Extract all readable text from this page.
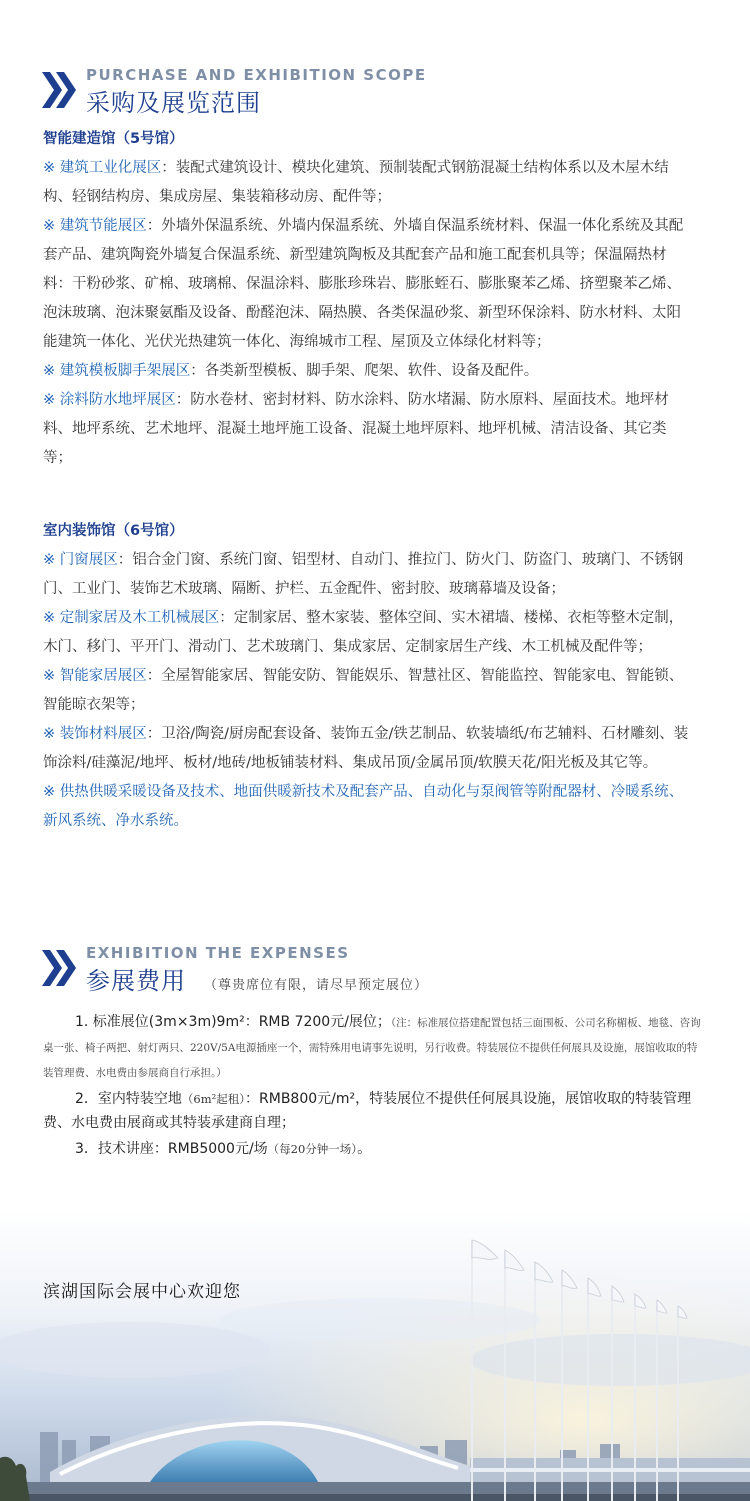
PURCHASE AND EXHIBITION SCOPE
采购及展览范围

智能建造馆（5号馆）

※ 建筑工业化展区：装配式建筑设计、模块化建筑、预制装配式钢筋混凝土结构体系以及木屋木结构、轻钢结构房、集成房屋、集装箱移动房、配件等；

※ 建筑节能展区：外墙外保温系统、外墙内保温系统、外墙自保温系统材料、保温一体化系统及其配套产品、建筑陶瓷外墙复合保温系统、新型建筑陶板及其配套产品和施工配套机具等；保温隔热材料：干粉砂浆、矿棉、玻璃棉、保温涂料、膨胀珍珠岩、膨胀蛭石、膨胀聚苯乙烯、挤塑聚苯乙烯、泡沫玻璃、泡沫聚氨酯及设备、酚醛泡沫、隔热膜、各类保温砂浆、新型环保涂料、防水材料、太阳能建筑一体化、光伏光热建筑一体化、海绵城市工程、屋顶及立体绿化材料等；

※ 建筑模板脚手架展区：各类新型模板、脚手架、爬架、软件、设备及配件。

※ 涂料防水地坪展区：防水卷材、密封材料、防水涂料、防水堵漏、防水原料、屋面技术。地坪材料、地坪系统、艺术地坪、混凝土地坪施工设备、混凝土地坪原料、地坪机械、清洁设备、其它类等；

室内装饰馆（6号馆）

※ 门窗展区：铝合金门窗、系统门窗、铝型材、自动门、推拉门、防火门、防盗门、玻璃门、不锈钢门、工业门、装饰艺术玻璃、隔断、护栏、五金配件、密封胶、玻璃幕墙及设备；

※ 定制家居及木工机械展区：定制家居、整木家装、整体空间、实木裙墙、楼梯、衣柜等整木定制，木门、移门、平开门、滑动门、艺术玻璃门、集成家居、定制家居生产线、木工机械及配件等；

※ 智能家居展区：全屋智能家居、智能安防、智能娱乐、智慧社区、智能监控、智能家电、智能锁、智能晾衣架等；

※ 装饰材料展区：卫浴/陶瓷/厨房配套设备、装饰五金/铁艺制品、软装墙纸/布艺辅料、石材雕刻、装饰涂料/硅藻泥/地坪、板材/地砖/地板铺装材料、集成吊顶/金属吊顶/软膜天花/阳光板及其它等。

※ 供热供暖采暖设备及技术、地面供暖新技术及配套产品、自动化与泵阀管等附配器材、冷暖系统、新风系统、净水系统。

EXHIBITION THE EXPENSES
参展费用 （尊贵席位有限，请尽早预定展位）

1. 标准展位(3m×3m)9m²：RMB 7200元/展位；（注：标准展位搭建配置包括三面围板、公司名称楣板、地毯、咨询桌一张、椅子两把、射灯两只、220V/5A电源插座一个，需特殊用电请事先说明，另行收费。特装展位不提供任何展具及设施，展馆收取的特装管理费、水电费由参展商自行承担。）

2．室内特装空地（6m²起租）：RMB800元/m²，特装展位不提供任何展具设施，展馆收取的特装管理费、水电费由展商或其特装承建商自理；

3．技术讲座：RMB5000元/场（每20分钟一场）。

滨湖国际会展中心欢迎您
